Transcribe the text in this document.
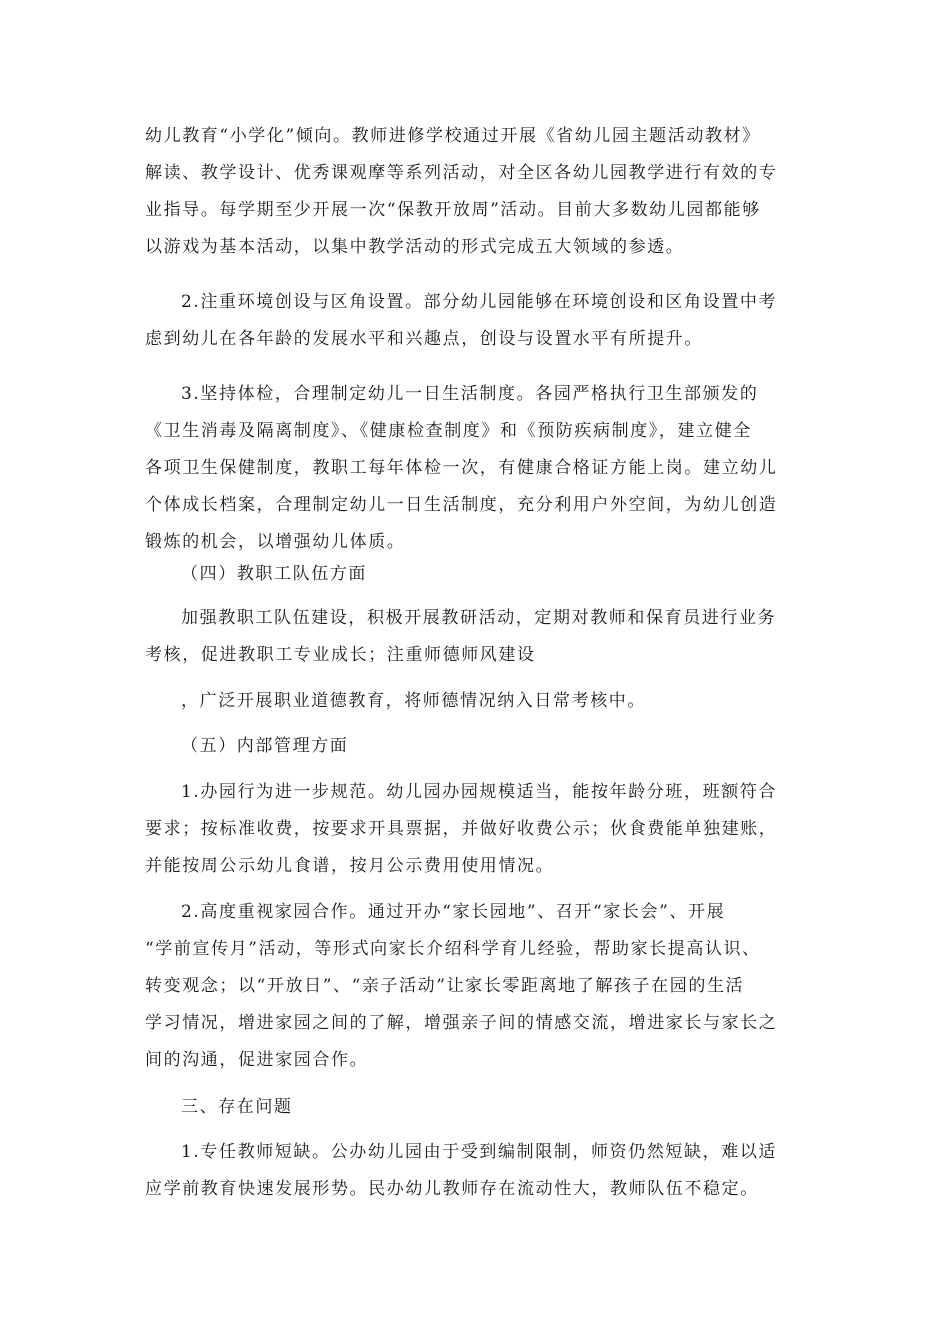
幼儿教育“小学化”倾向。教师进修学校通过开展《省幼儿园主题活动教材》
解读、教学设计、优秀课观摩等系列活动，对全区各幼儿园教学进行有效的专
业指导。每学期至少开展一次“保教开放周”活动。目前大多数幼儿园都能够
以游戏为基本活动，以集中教学活动的形式完成五大领域的参透。
2.注重环境创设与区角设置。部分幼儿园能够在环境创设和区角设置中考
虑到幼儿在各年龄的发展水平和兴趣点，创设与设置水平有所提升。
3.坚持体检，合理制定幼儿一日生活制度。各园严格执行卫生部颁发的
《卫生消毒及隔离制度》、《健康检查制度》和《预防疾病制度》，建立健全
各项卫生保健制度，教职工每年体检一次，有健康合格证方能上岗。建立幼儿
个体成长档案，合理制定幼儿一日生活制度，充分利用户外空间，为幼儿创造
锻炼的机会，以增强幼儿体质。
（四）教职工队伍方面
加强教职工队伍建设，积极开展教研活动，定期对教师和保育员进行业务
考核，促进教职工专业成长；注重师德师风建设
，广泛开展职业道德教育，将师德情况纳入日常考核中。
（五）内部管理方面
1.办园行为进一步规范。幼儿园办园规模适当，能按年龄分班，班额符合
要求；按标准收费，按要求开具票据，并做好收费公示；伙食费能单独建账，
并能按周公示幼儿食谱，按月公示费用使用情况。
2.高度重视家园合作。通过开办“家长园地”、召开“家长会”、开展
“学前宣传月”活动，等形式向家长介绍科学育儿经验，帮助家长提高认识、
转变观念；以“开放日”、“亲子活动”让家长零距离地了解孩子在园的生活
学习情况，增进家园之间的了解，增强亲子间的情感交流，增进家长与家长之
间的沟通，促进家园合作。
三、存在问题
1.专任教师短缺。公办幼儿园由于受到编制限制，师资仍然短缺，难以适
应学前教育快速发展形势。民办幼儿教师存在流动性大，教师队伍不稳定。
